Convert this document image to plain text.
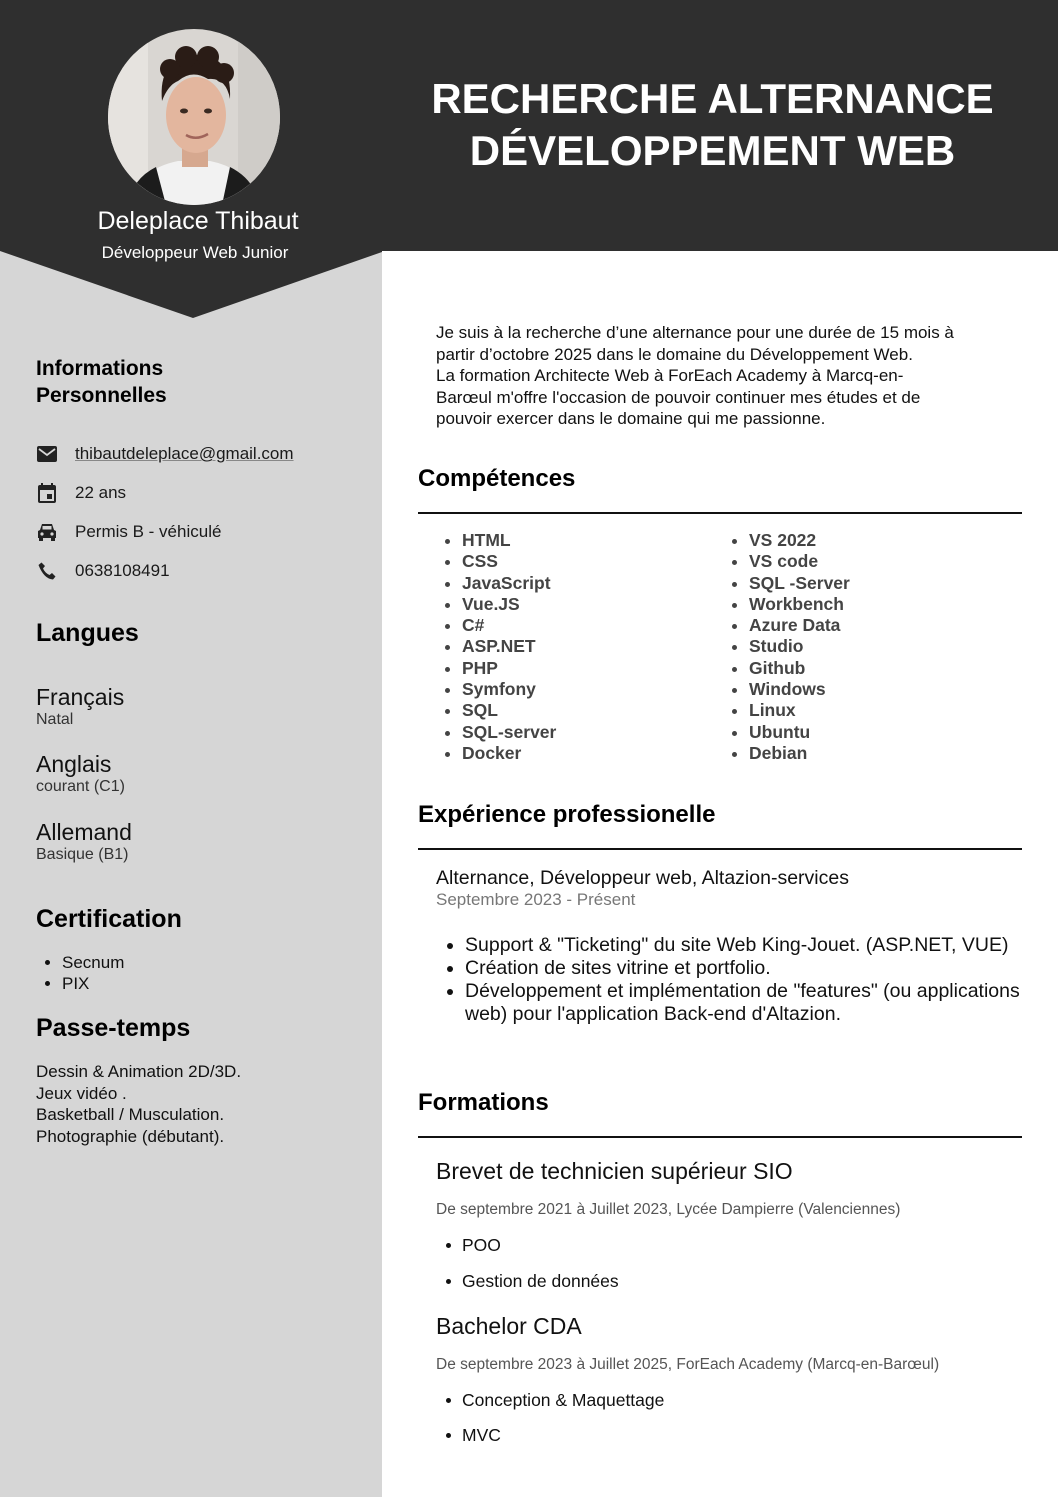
Deleplace Thibaut
Développeur Web Junior
RECHERCHE ALTERNANCE
DÉVELOPPEMENT WEB
Informations
Personnelles
thibautdeleplace@gmail.com
22 ans
Permis B - véhiculé
0638108491
Langues
Français
Natal
Anglais
courant (C1)
Allemand
Basique (B1)
Certification
• Secnum
• PIX
Passe-temps
Dessin & Animation 2D/3D.
Jeux vidéo .
Basketball / Musculation.
Photographie (débutant).
Je suis à la recherche d’une alternance pour une durée de 15 mois à
partir d’octobre 2025 dans le domaine du Développement Web.
La formation Architecte Web à ForEach Academy à Marcq-en-
Barœul m'offre l'occasion de pouvoir continuer mes études et de
pouvoir exercer dans le domaine qui me passionne.
Compétences
• HTML
• CSS
• JavaScript
• Vue.JS
• C#
• ASP.NET
• PHP
• Symfony
• SQL
• SQL-server
• Docker
• VS 2022
• VS code
• SQL -Server
• Workbench
• Azure Data
• Studio
• Github
• Windows
• Linux
• Ubuntu
• Debian
Expérience professionelle
Alternance, Développeur web, Altazion-services
Septembre 2023 - Présent
• Support & "Ticketing" du site Web King-Jouet. (ASP.NET, VUE)
• Création de sites vitrine et portfolio.
• Développement et implémentation de "features" (ou applications web) pour l'application Back-end d'Altazion.
Formations
Brevet de technicien supérieur SIO
De septembre 2021 à Juillet 2023, Lycée Dampierre (Valenciennes)
POO
Gestion de données
Bachelor CDA
De septembre 2023 à Juillet 2025, ForEach Academy (Marcq-en-Barœul)
Conception & Maquettage
MVC
